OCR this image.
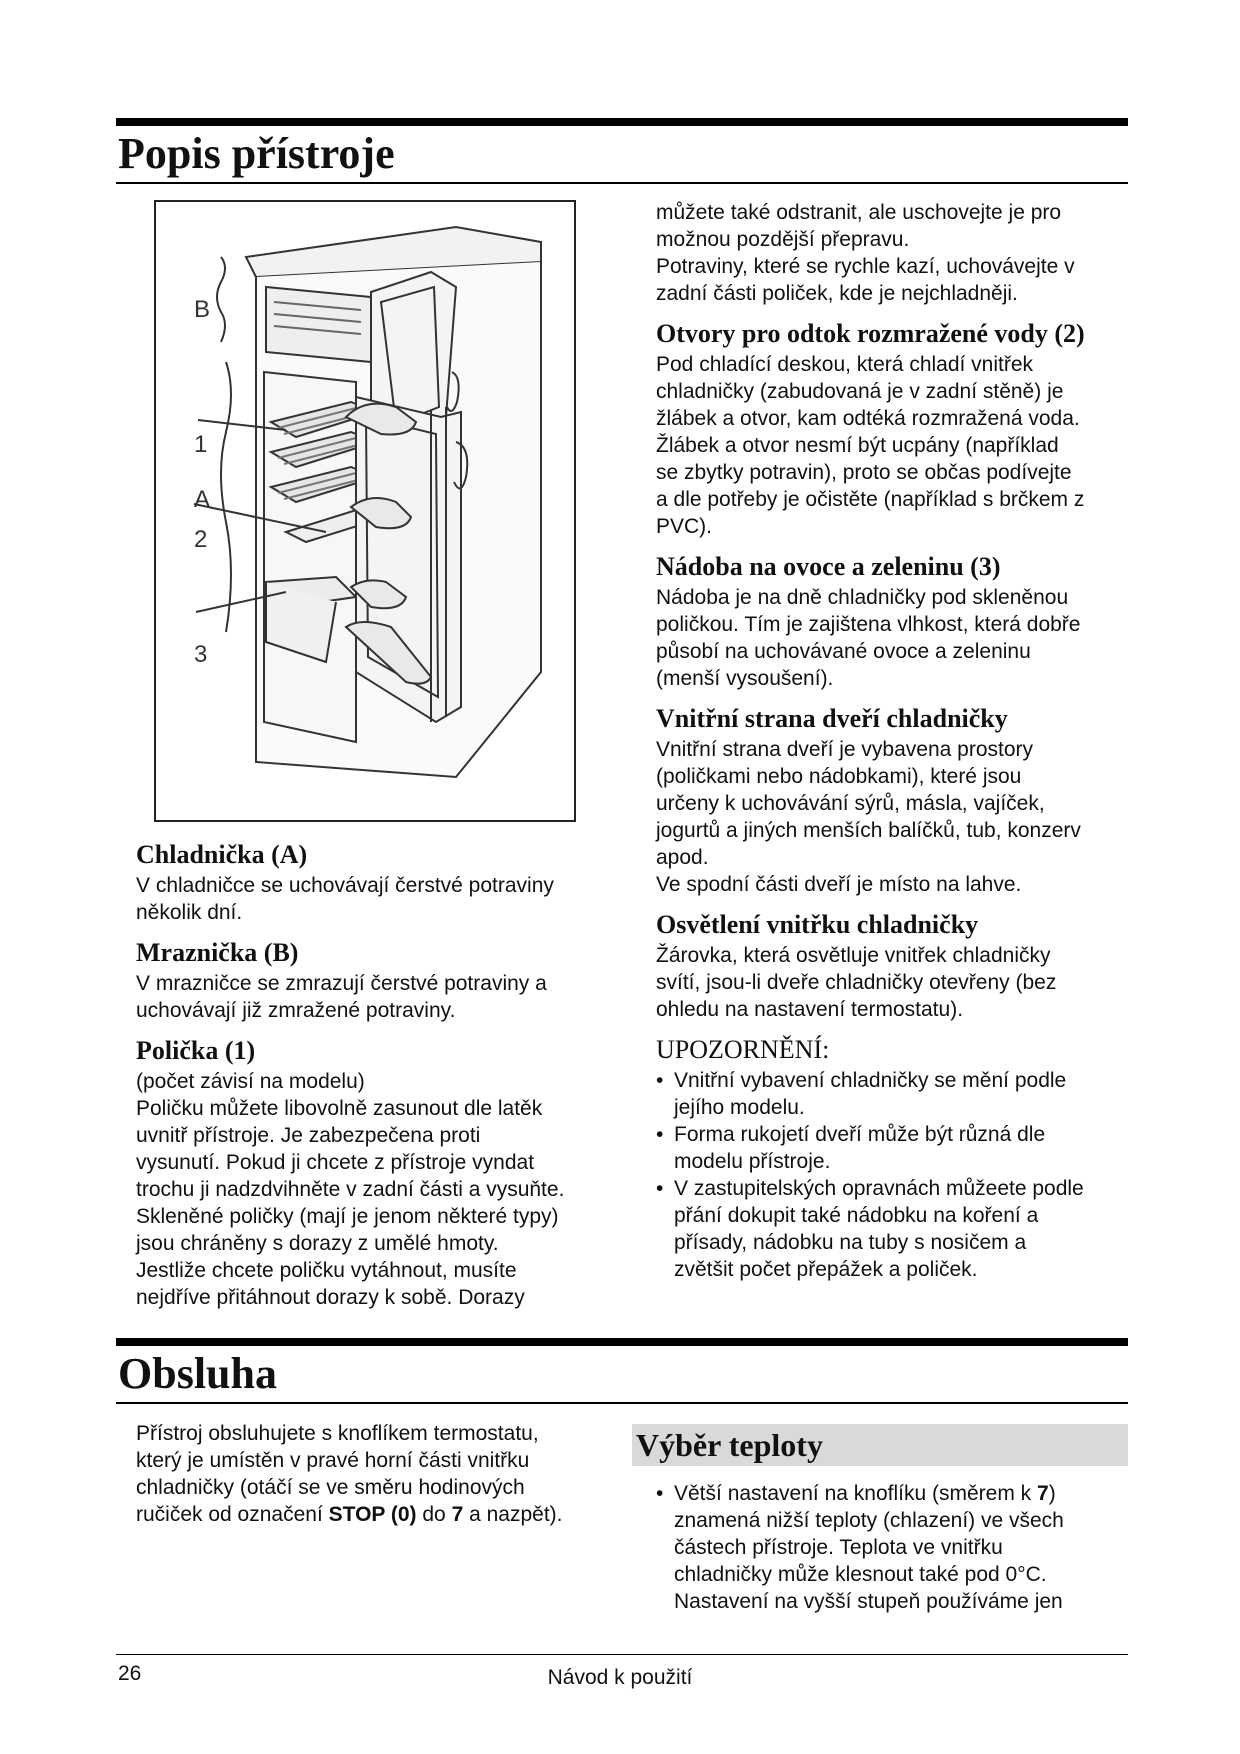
Popis přístroje
B
1
A
2
3
Chladnička (A)
V chladničce se uchovávají čerstvé potraviny
několik dní.
Mraznička (B)
V mrazničce se zmrazují čerstvé potraviny a
uchovávají již zmražené potraviny.
Polička (1)
(počet závisí na modelu)
Poličku můžete libovolně zasunout dle latěk
uvnitř přístroje. Je zabezpečena proti
vysunutí. Pokud ji chcete z přístroje vyndat
trochu ji nadzdvihněte v zadní části a vysuňte.
Skleněné poličky (mají je jenom některé typy)
jsou chráněny s dorazy z umělé hmoty.
Jestliže chcete poličku vytáhnout, musíte
nejdříve přitáhnout dorazy k sobě. Dorazy
můžete také odstranit, ale uschovejte je pro
možnou pozdější přepravu.
Potraviny, které se rychle kazí, uchovávejte v
zadní části poliček, kde je nejchladněji.
Otvory pro odtok rozmražené vody (2)
Pod chladící deskou, která chladí vnitřek
chladničky (zabudovaná je v zadní stěně) je
žlábek a otvor, kam odtéká rozmražená voda.
Žlábek a otvor nesmí být ucpány (například
se zbytky potravin), proto se občas podívejte
a dle potřeby je očistěte (například s brčkem z
PVC).
Nádoba na ovoce a zeleninu (3)
Nádoba je na dně chladničky pod skleněnou
poličkou. Tím je zajištena vlhkost, která dobře
působí na uchovávané ovoce a zeleninu
(menší vysoušení).
Vnitřní strana dveří chladničky
Vnitřní strana dveří je vybavena prostory
(poličkami nebo nádobkami), které jsou
určeny k uchovávání sýrů, másla, vajíček,
jogurtů a jiných menších balíčků, tub, konzerv
apod.
Ve spodní části dveří je místo na lahve.
Osvětlení vnitřku chladničky
Žárovka, která osvětluje vnitřek chladničky
svítí, jsou-li dveře chladničky otevřeny (bez
ohledu na nastavení termostatu).
UPOZORNĚNÍ:
• Vnitřní vybavení chladničky se mění podle
jejího modelu.
• Forma rukojetí dveří může být různá dle
modelu přístroje.
• V zastupitelských opravnách můžeete podle
přání dokupit také nádobku na koření a
přísady, nádobku na tuby s nosičem a
zvětšit počet přepážek a poliček.
Obsluha
Přístroj obsluhujete s knoflíkem termostatu,
který je umístěn v pravé horní části vnitřku
chladničky (otáčí se ve směru hodinových
ručiček od označení STOP (0) do 7 a nazpět).
Výběr teploty
• Větší nastavení na knoflíku (směrem k 7)
znamená nižší teploty (chlazení) ve všech
částech přístroje. Teplota ve vnitřku
chladničky může klesnout také pod 0°C.
Nastavení na vyšší stupeň používáme jen
26	Návod k použití
